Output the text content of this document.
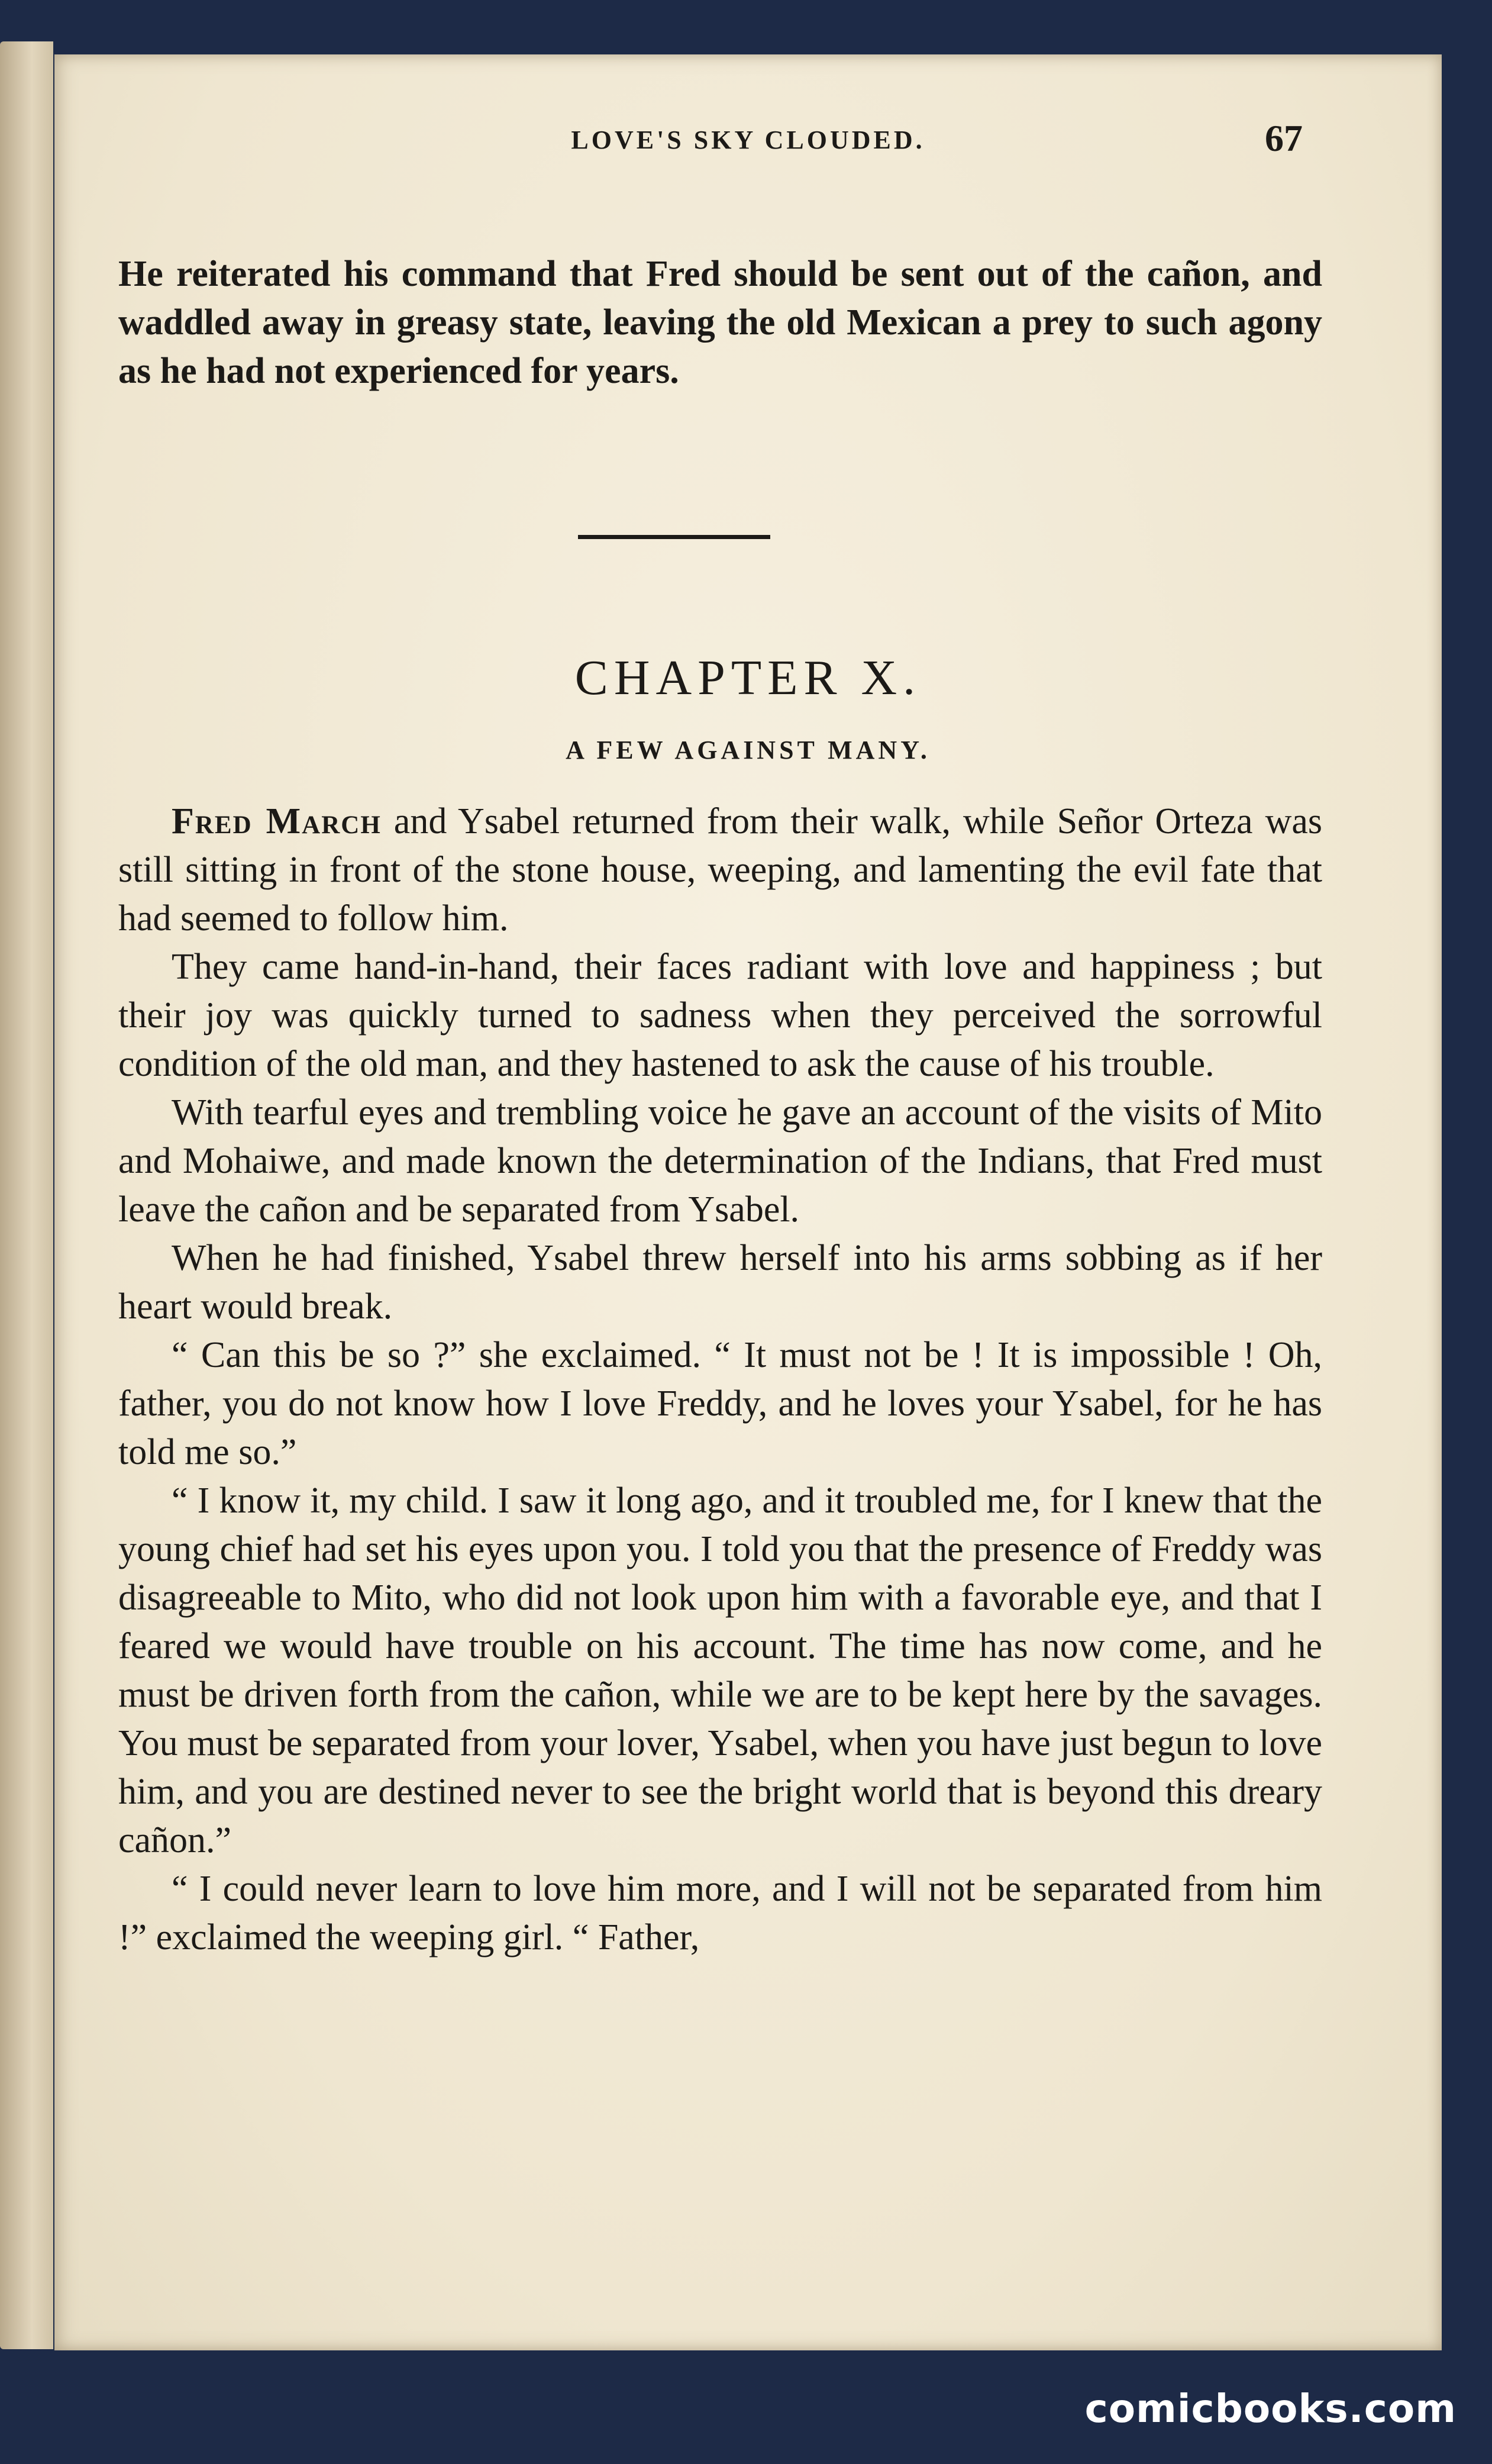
LOVE'S SKY CLOUDED.	67

He reiterated his command that Fred should be sent out of the cañon, and waddled away in greasy state, leaving the old Mexican a prey to such agony as he had not experienced for years.

CHAPTER X.
A FEW AGAINST MANY.

Fred March and Ysabel returned from their walk, while Señor Orteza was still sitting in front of the stone house, weeping, and lamenting the evil fate that had seemed to follow him.

They came hand-in-hand, their faces radiant with love and happiness ; but their joy was quickly turned to sadness when they perceived the sorrowful condition of the old man, and they hastened to ask the cause of his trouble.

With tearful eyes and trembling voice he gave an account of the visits of Mito and Mohaiwe, and made known the determination of the Indians, that Fred must leave the cañon and be separated from Ysabel.

When he had finished, Ysabel threw herself into his arms sobbing as if her heart would break.

“ Can this be so ?” she exclaimed. “ It must not be ! It is impossible ! Oh, father, you do not know how I love Freddy, and he loves your Ysabel, for he has told me so.”

“ I know it, my child. I saw it long ago, and it troubled me, for I knew that the young chief had set his eyes upon you. I told you that the presence of Freddy was disagreeable to Mito, who did not look upon him with a favorable eye, and that I feared we would have trouble on his account. The time has now come, and he must be driven forth from the cañon, while we are to be kept here by the savages. You must be separated from your lover, Ysabel, when you have just begun to love him, and you are destined never to see the bright world that is beyond this dreary cañon.”

“ I could never learn to love him more, and I will not be separated from him !” exclaimed the weeping girl. “ Father,

comicbooks.com
